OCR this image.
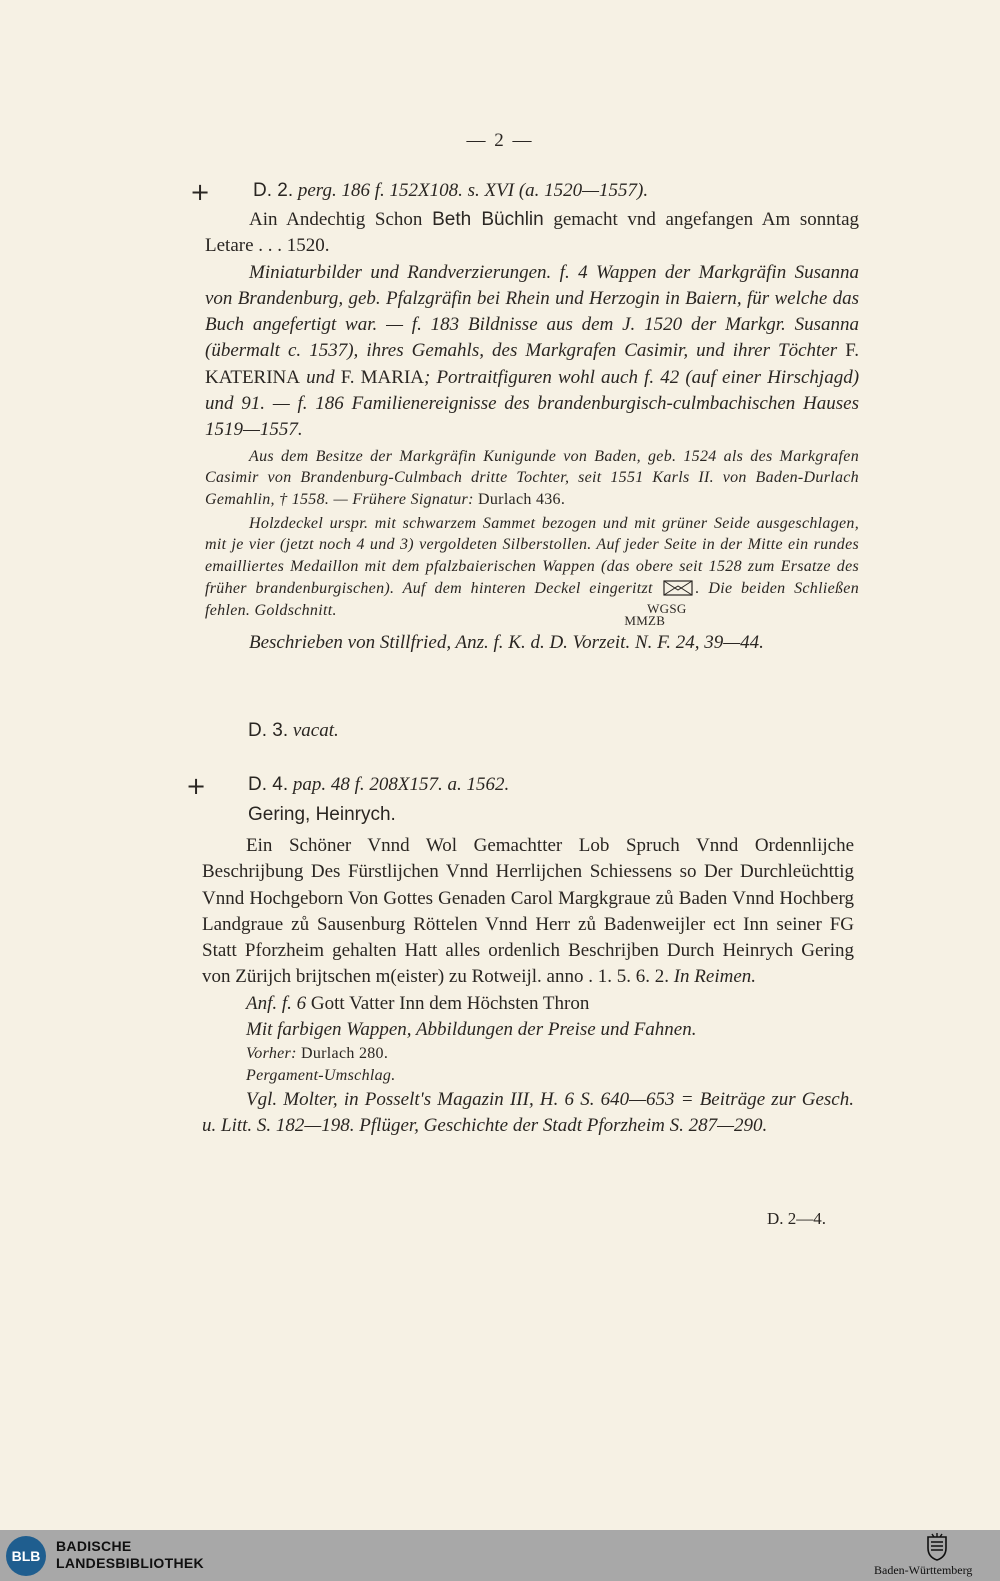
— 2 —
+	D. 2. perg. 186 f. 152X108. s. XVI (a. 1520—1557).

Ain Andechtig Schon Beth Büchlin gemacht vnd angefangen Am sonntag Letare . . . 1520.

Miniaturbilder und Randverzierungen. f. 4 Wappen der Markgräfin Susanna von Brandenburg, geb. Pfalzgräfin bei Rhein und Herzogin in Baiern, für welche das Buch angefertigt war. — f. 183 Bildnisse aus dem J. 1520 der Markgr. Susanna (übermalt c. 1537), ihres Gemahls, des Markgrafen Casimir, und ihrer Töchter F. KATERINA und F. MARIA; Portraitfiguren wohl auch f. 42 (auf einer Hirschjagd) und 91. — f. 186 Familienereignisse des brandenburgisch-culmbachischen Hauses 1519—1557.

Aus dem Besitze der Markgräfin Kunigunde von Baden, geb. 1524 als des Markgrafen Casimir von Brandenburg-Culmbach dritte Tochter, seit 1551 Karls II. von Baden-Durlach Gemahlin, † 1558. — Frühere Signatur: Durlach 436.

Holzdeckel urspr. mit schwarzem Sammet bezogen und mit grüner Seide ausgeschlagen, mit je vier (jetzt noch 4 und 3) vergoldeten Silberstollen. Auf jeder Seite in der Mitte ein rundes emailliertes Medaillon mit dem pfalzbaierischen Wappen (das obere seit 1528 zum Ersatze des früher brandenburgischen). Auf dem hinteren Deckel eingeritzt	. Die beiden Schließen fehlen. Goldschnitt.	WGSG
MMZB

Beschrieben von Stillfried, Anz. f. K. d. D. Vorzeit. N. F. 24, 39—44.

D. 3. vacat.

+	D. 4. pap. 48 f. 208X157. a. 1562.

Gering, Heinrych.

Ein Schöner Vnnd Wol Gemachtter Lob Spruch Vnnd Ordennlijche Beschrijbung Des Fürstlijchen Vnnd Herrlijchen Schiessens so Der Durchleüchttig Vnnd Hochgeborn Von Gottes Genaden Carol Margkgraue zů Baden Vnnd Hochberg Landgraue zů Sausenburg Röttelen Vnnd Herr zů Badenweijler ect Inn seiner FG Statt Pforzheim gehalten Hatt alles ordenlich Beschrijben Durch Heinrych Gering von Zürijch brijtschen m(eister) zu Rotweijl. anno . 1. 5. 6. 2. In Reimen.

Anf. f. 6 Gott Vatter Inn dem Höchsten Thron

Mit farbigen Wappen, Abbildungen der Preise und Fahnen.

Vorher: Durlach 280.

Pergament-Umschlag.

Vgl. Molter, in Posselt's Magazin III, H. 6 S. 640—653 = Beiträge zur Gesch. u. Litt. S. 182—198. Pflüger, Geschichte der Stadt Pforzheim S. 287—290.

D. 2—4.
BLB
BADISCHE
LANDESBIBLIOTHEK	Baden-Württemberg
